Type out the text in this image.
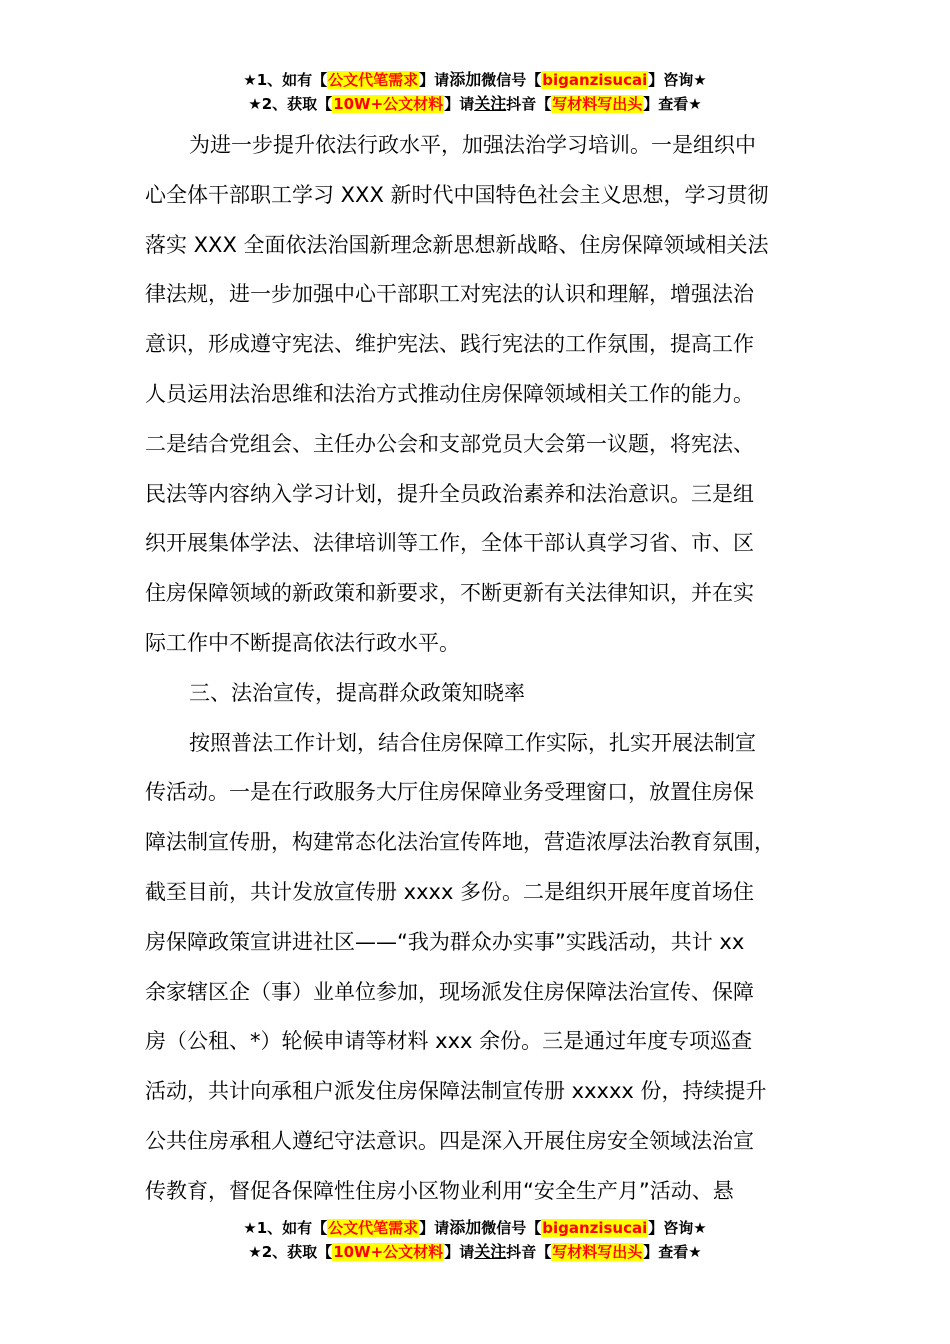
★1、如有【公文代笔需求】请添加微信号【biganzisucai】咨询★
★2、获取【10W+公文材料】请关注抖音【写材料写出头】查看★
为进一步提升依法行政水平，加强法治学习培训。一是组织中
心全体干部职工学习 XXX 新时代中国特色社会主义思想，学习贯彻
落实 XXX 全面依法治国新理念新思想新战略、住房保障领域相关法
律法规，进一步加强中心干部职工对宪法的认识和理解，增强法治
意识，形成遵守宪法、维护宪法、践行宪法的工作氛围，提高工作
人员运用法治思维和法治方式推动住房保障领域相关工作的能力。
二是结合党组会、主任办公会和支部党员大会第一议题，将宪法、
民法等内容纳入学习计划，提升全员政治素养和法治意识。三是组
织开展集体学法、法律培训等工作，全体干部认真学习省、市、区
住房保障领域的新政策和新要求，不断更新有关法律知识，并在实
际工作中不断提高依法行政水平。
三、法治宣传，提高群众政策知晓率
按照普法工作计划，结合住房保障工作实际，扎实开展法制宣
传活动。一是在行政服务大厅住房保障业务受理窗口，放置住房保
障法制宣传册，构建常态化法治宣传阵地，营造浓厚法治教育氛围，
截至目前，共计发放宣传册 xxxx 多份。二是组织开展年度首场住
房保障政策宣讲进社区——“我为群众办实事”实践活动，共计 xx
余家辖区企（事）业单位参加，现场派发住房保障法治宣传、保障
房（公租、*）轮候申请等材料 xxx 余份。三是通过年度专项巡查
活动，共计向承租户派发住房保障法制宣传册 xxxxx 份，持续提升
公共住房承租人遵纪守法意识。四是深入开展住房安全领域法治宣
传教育，督促各保障性住房小区物业利用“安全生产月”活动、悬
★1、如有【公文代笔需求】请添加微信号【biganzisucai】咨询★
★2、获取【10W+公文材料】请关注抖音【写材料写出头】查看★
